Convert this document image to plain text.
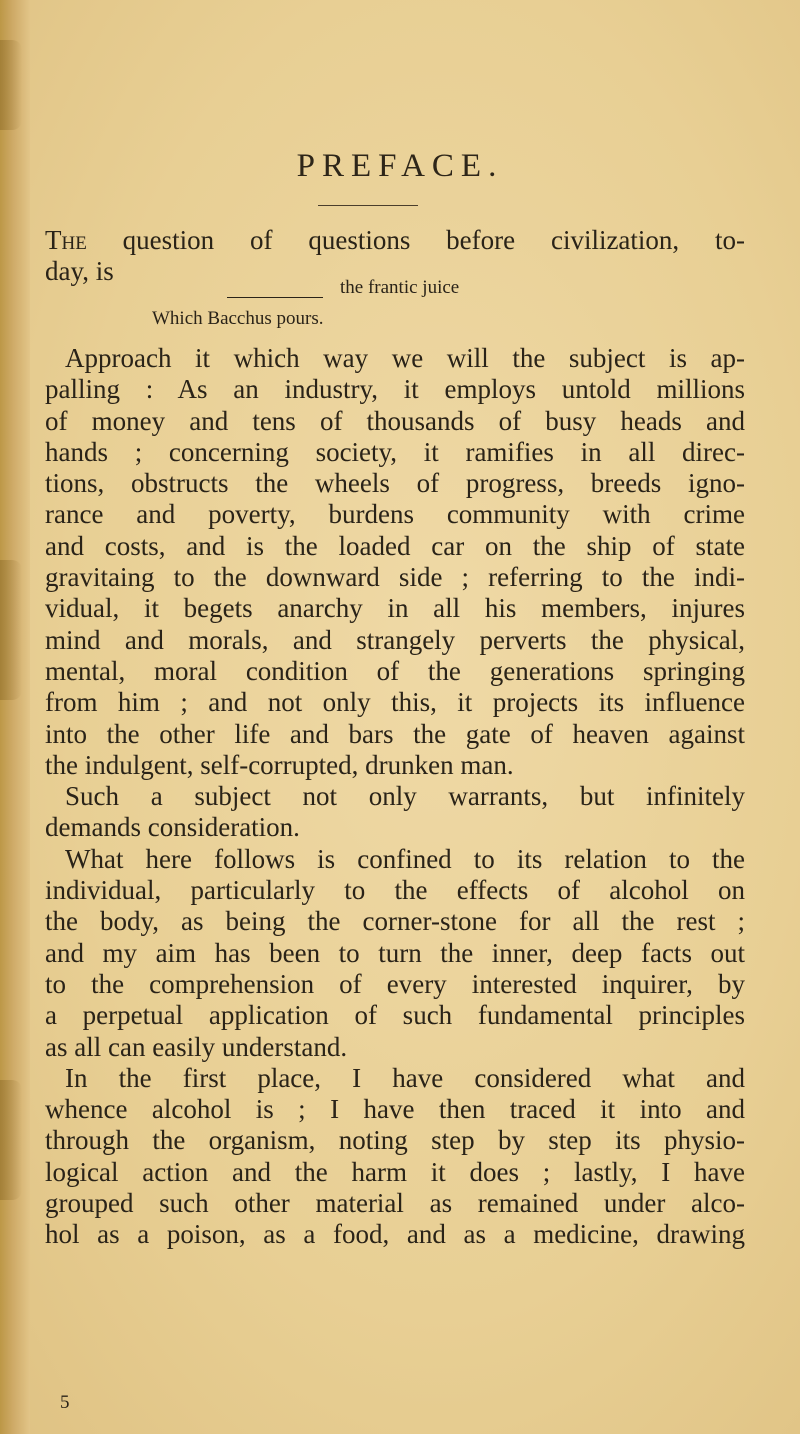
PREFACE.
The question of questions before civilization, to-
day, is
the frantic juice
Which Bacchus pours.
Approach it which way we will the subject is ap-
palling : As an industry, it employs untold millions
of money and tens of thousands of busy heads and
hands ; concerning society, it ramifies in all direc-
tions, obstructs the wheels of progress, breeds igno-
rance and poverty, burdens community with crime
and costs, and is the loaded car on the ship of state
gravitaing to the downward side ; referring to the indi-
vidual, it begets anarchy in all his members, injures
mind and morals, and strangely perverts the physical,
mental, moral condition of the generations springing
from him ; and not only this, it projects its influence
into the other life and bars the gate of heaven against
the indulgent, self-corrupted, drunken man.
Such a subject not only warrants, but infinitely
demands consideration.
What here follows is confined to its relation to the
individual, particularly to the effects of alcohol on
the body, as being the corner-stone for all the rest ;
and my aim has been to turn the inner, deep facts out
to the comprehension of every interested inquirer, by
a perpetual application of such fundamental principles
as all can easily understand.
In the first place, I have considered what and
whence alcohol is ; I have then traced it into and
through the organism, noting step by step its physio-
logical action and the harm it does ; lastly, I have
grouped such other material as remained under alco-
hol as a poison, as a food, and as a medicine, drawing
5
